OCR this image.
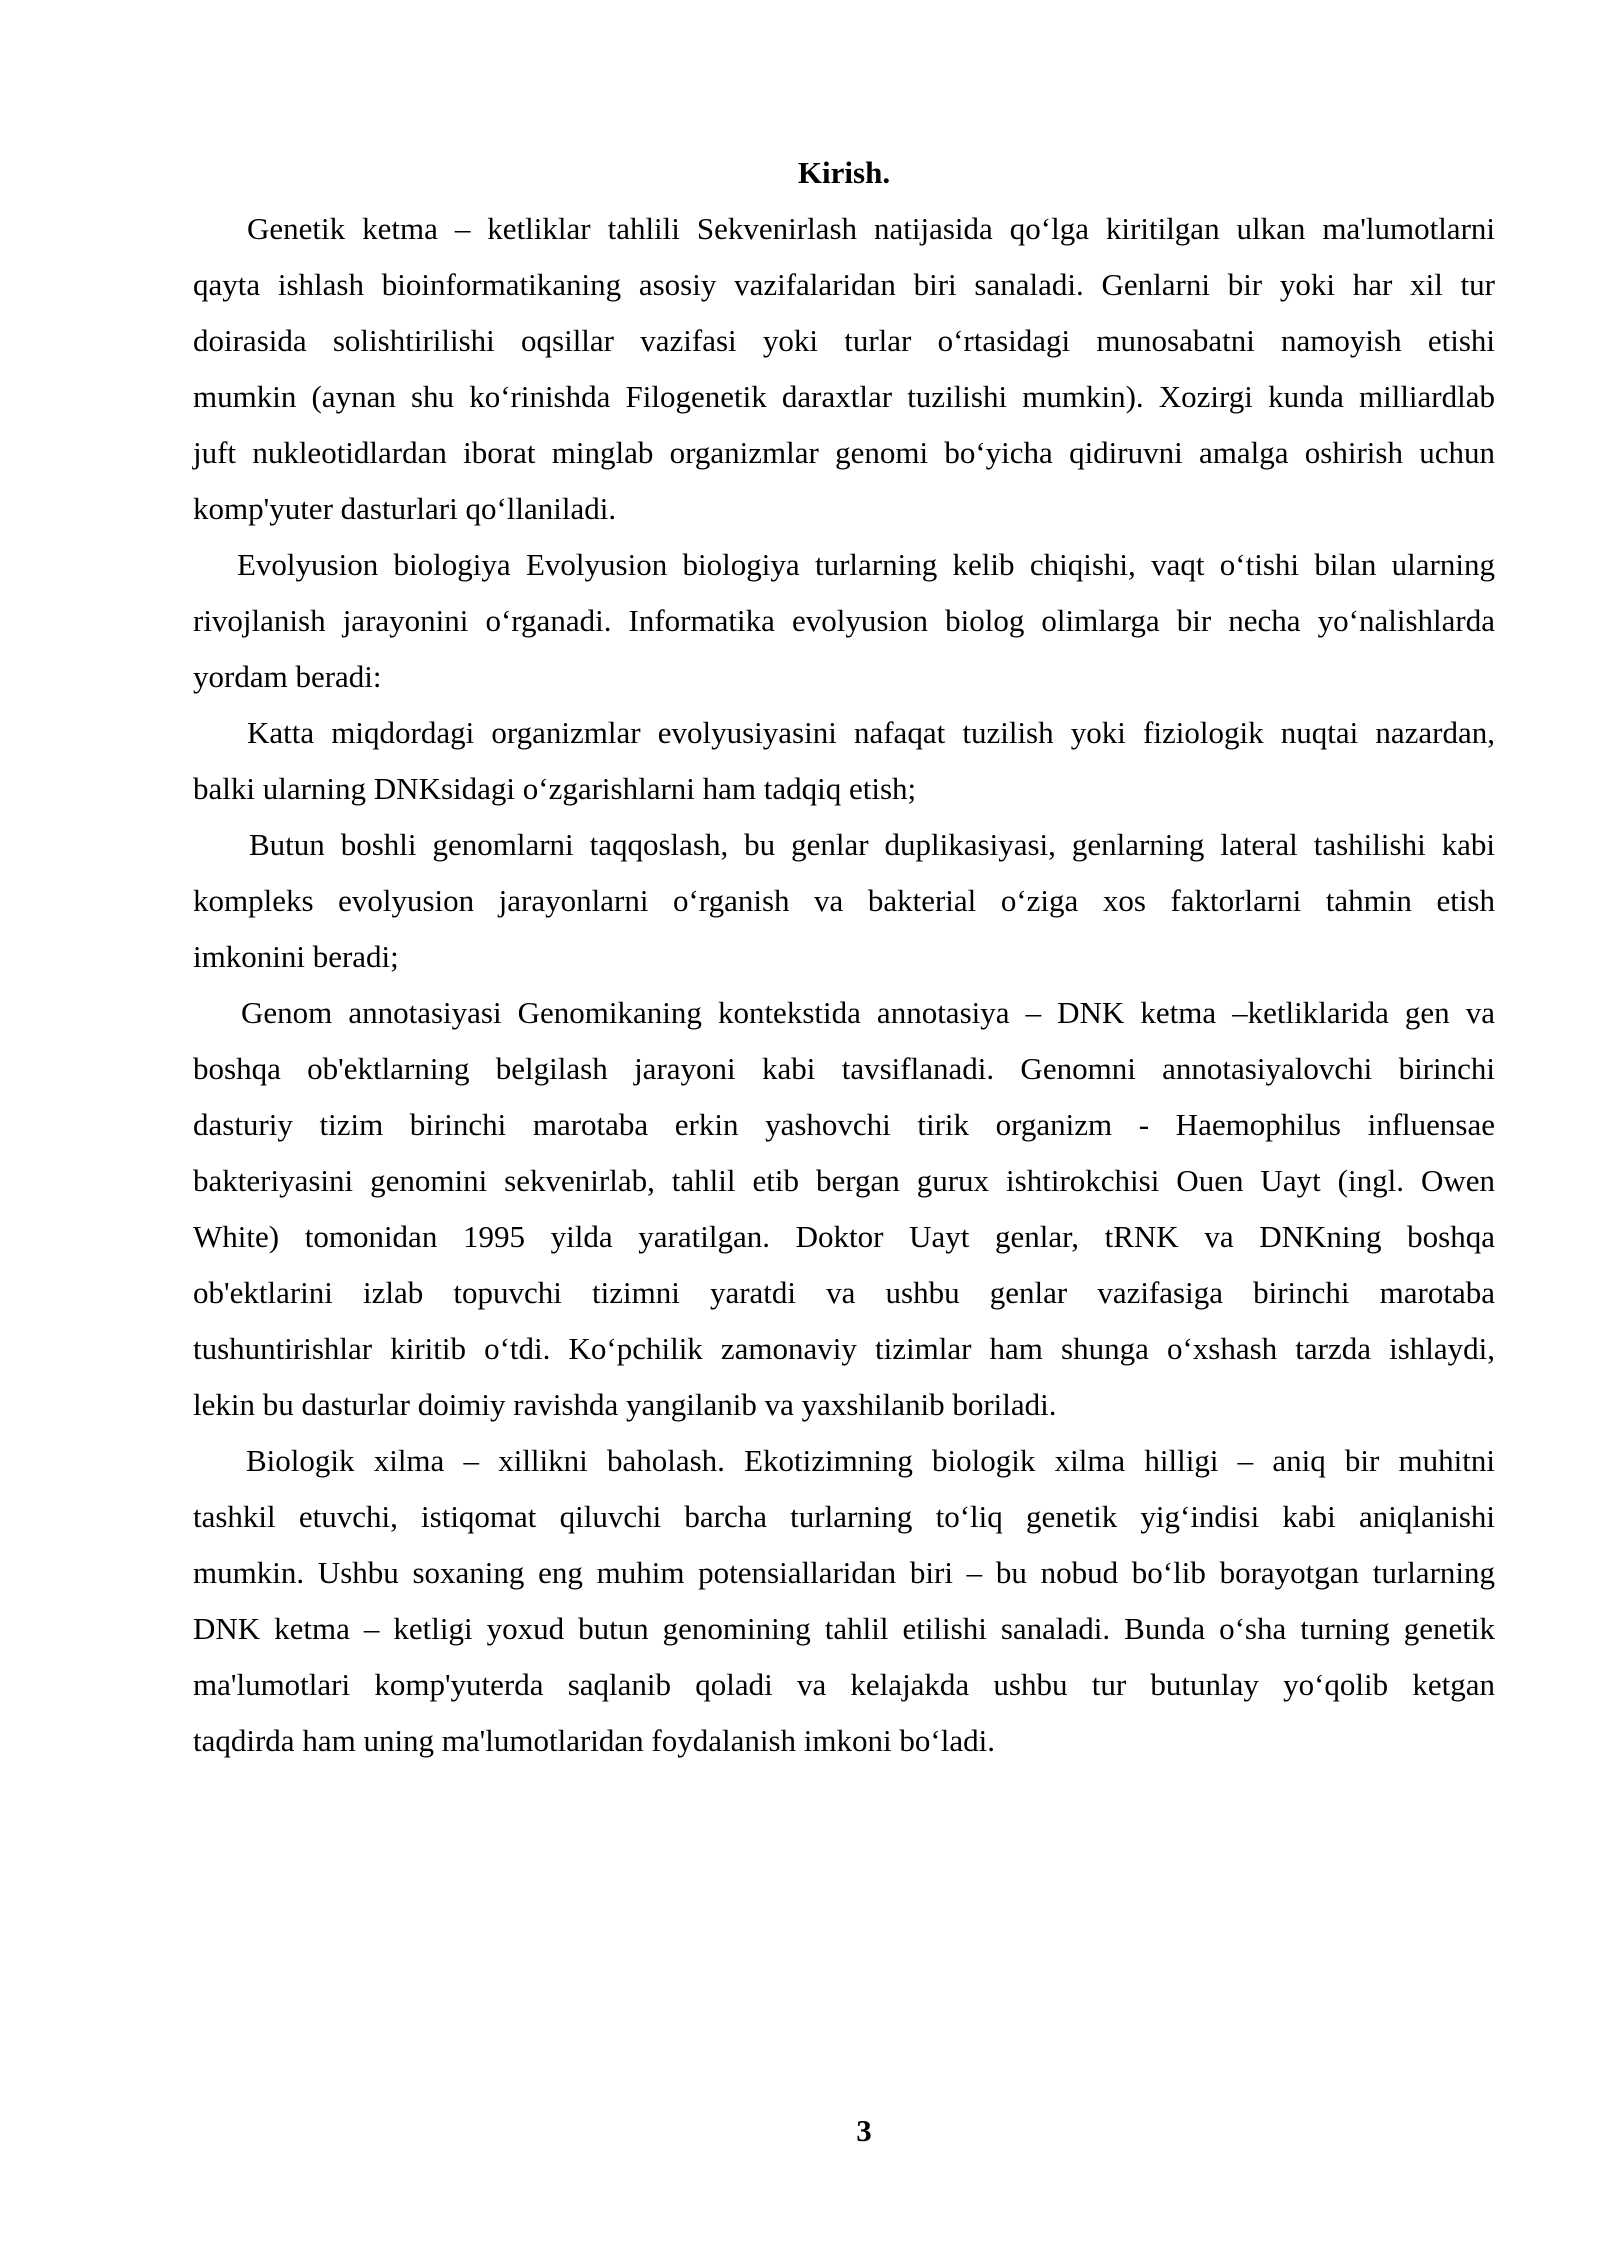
Kirish.
Genetik ketma – ketliklar tahlili Sekvenirlash natijasida qo‘lga kiritilgan ulkan ma'lumotlarni
qayta ishlash bioinformatikaning asosiy vazifalaridan biri sanaladi. Genlarni bir yoki har xil tur
doirasida solishtirilishi oqsillar vazifasi yoki turlar o‘rtasidagi munosabatni namoyish etishi
mumkin (aynan shu ko‘rinishda Filogenetik daraxtlar tuzilishi mumkin). Xozirgi kunda milliardlab
juft nukleotidlardan iborat minglab organizmlar genomi bo‘yicha qidiruvni amalga oshirish uchun
komp'yuter dasturlari qo‘llaniladi.
Evolyusion biologiya Evolyusion biologiya turlarning kelib chiqishi, vaqt o‘tishi bilan ularning
rivojlanish jarayonini o‘rganadi. Informatika evolyusion biolog olimlarga bir necha yo‘nalishlarda
yordam beradi:
Katta miqdordagi organizmlar evolyusiyasini nafaqat tuzilish yoki fiziologik nuqtai nazardan,
balki ularning DNKsidagi o‘zgarishlarni ham tadqiq etish;
Butun boshli genomlarni taqqoslash, bu genlar duplikasiyasi, genlarning lateral tashilishi kabi
kompleks evolyusion jarayonlarni o‘rganish va bakterial o‘ziga xos faktorlarni tahmin etish
imkonini beradi;
Genom annotasiyasi Genomikaning kontekstida annotasiya – DNK ketma –ketliklarida gen va
boshqa ob'ektlarning belgilash jarayoni kabi tavsiflanadi. Genomni annotasiyalovchi birinchi
dasturiy tizim birinchi marotaba erkin yashovchi tirik organizm - Haemophilus influensae
bakteriyasini genomini sekvenirlab, tahlil etib bergan gurux ishtirokchisi Ouen Uayt (ingl. Owen
White) tomonidan 1995 yilda yaratilgan. Doktor Uayt genlar, tRNK va DNKning boshqa
ob'ektlarini izlab topuvchi tizimni yaratdi va ushbu genlar vazifasiga birinchi marotaba
tushuntirishlar kiritib o‘tdi. Ko‘pchilik zamonaviy tizimlar ham shunga o‘xshash tarzda ishlaydi,
lekin bu dasturlar doimiy ravishda yangilanib va yaxshilanib boriladi.
Biologik xilma – xillikni baholash. Ekotizimning biologik xilma hilligi – aniq bir muhitni
tashkil etuvchi, istiqomat qiluvchi barcha turlarning to‘liq genetik yig‘indisi kabi aniqlanishi
mumkin. Ushbu soxaning eng muhim potensiallaridan biri – bu nobud bo‘lib borayotgan turlarning
DNK ketma – ketligi yoxud butun genomining tahlil etilishi sanaladi. Bunda o‘sha turning genetik
ma'lumotlari komp'yuterda saqlanib qoladi va kelajakda ushbu tur butunlay yo‘qolib ketgan
taqdirda ham uning ma'lumotlaridan foydalanish imkoni bo‘ladi.
3
